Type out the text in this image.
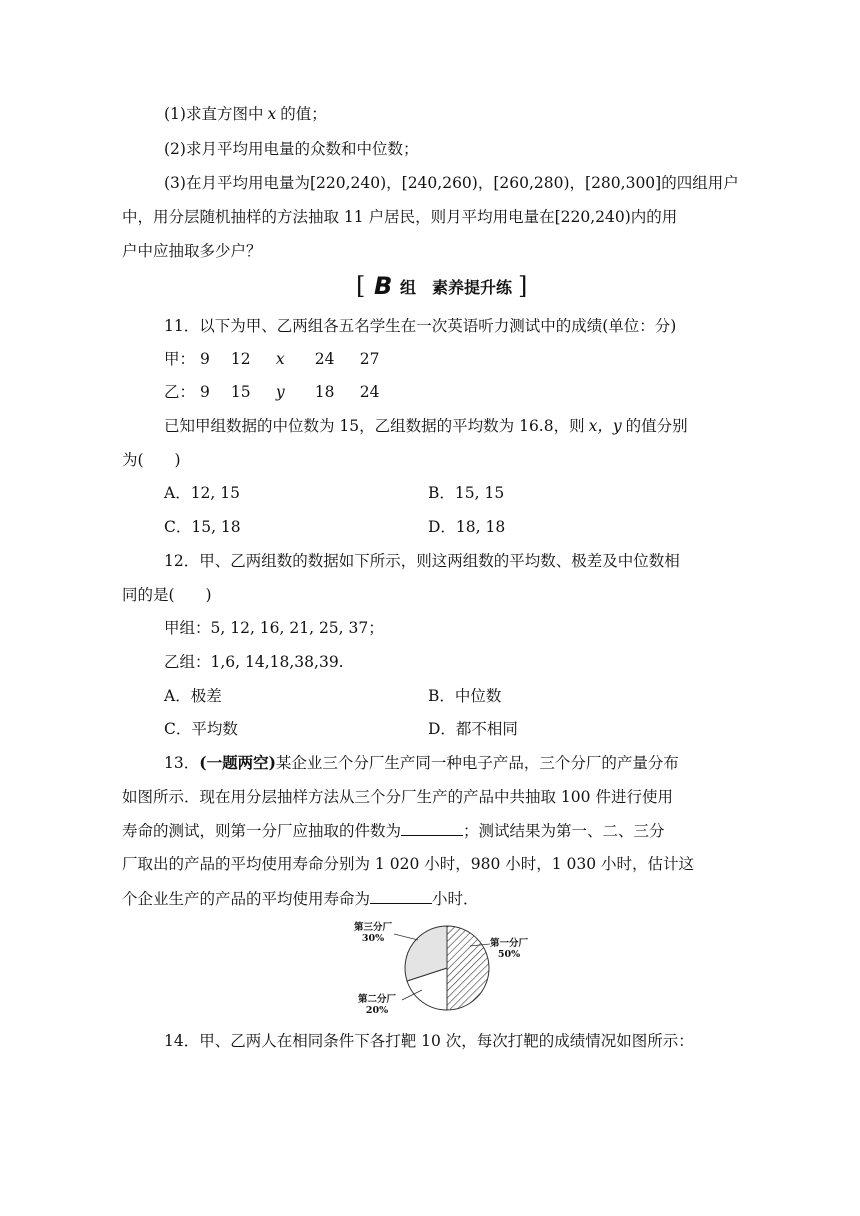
(1)求直方图中 x 的值；
(2)求月平均用电量的众数和中位数；
(3)在月平均用电量为[220,240)，[240,260)，[260,280)，[280,300]的四组用户
中，用分层随机抽样的方法抽取 11 户居民，则月平均用电量在[220,240)内的用
户中应抽取多少户？
[ B 组　素养提升练 ]
11．以下为甲、乙两组各五名学生在一次英语听力测试中的成绩(单位：分)
甲： 9 12 x 24 27
乙： 9 15 y 18 24
已知甲组数据的中位数为 15，乙组数据的平均数为 16.8，则 x，y 的值分别
为(　　)
A．12, 15	B．15, 15
C．15, 18	D．18, 18
12．甲、乙两组数的数据如下所示，则这两组数的平均数、极差及中位数相
同的是(　　)
甲组：5, 12, 16, 21, 25, 37；
乙组：1,6, 14,18,38,39.
A．极差	B．中位数
C．平均数	D．都不相同
13．(一题两空)某企业三个分厂生产同一种电子产品，三个分厂的产量分布
如图所示．现在用分层抽样方法从三个分厂生产的产品中共抽取 100 件进行使用
寿命的测试，则第一分厂应抽取的件数为	；测试结果为第一、二、三分
厂取出的产品的平均使用寿命分别为 1 020 小时，980 小时，1 030 小时，估计这
个企业生产的产品的平均使用寿命为	小时．
第三分厂
30%	第一分厂
50%
第二分厂
20%
14．甲、乙两人在相同条件下各打靶 10 次，每次打靶的成绩情况如图所示：
